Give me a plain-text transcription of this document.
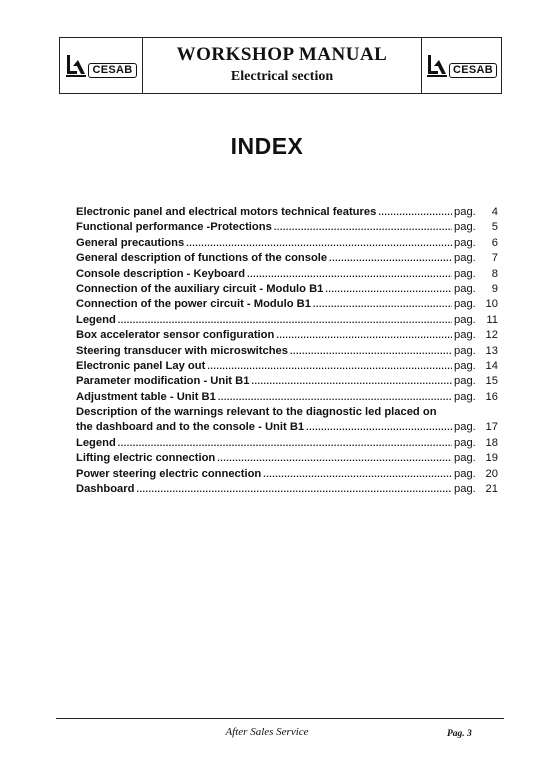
CESAB
WORKSHOP MANUAL
Electrical section	CESAB
INDEX
Electronic panel and electrical motors technical features .....	pag.	4
Functional performance -Protections .....	pag.	5
General precautions .....	pag.	6
General description of functions of the console .....	pag.	7
Console description - Keyboard .....	pag.	8
Connection of the auxiliary circuit - Modulo B1 .....	pag.	9
Connection of the power circuit - Modulo B1 .....	pag. 10
Legend .....	pag. 11
Box accelerator sensor configuration .....	pag. 12
Steering transducer with microswitches .....	pag. 13
Electronic panel Lay out .....	pag. 14
Parameter modification - Unit B1 .....	pag. 15
Adjustment table - Unit B1 .....	pag. 16
Description of the warnings relevant to the diagnostic led placed on
the dashboard and to the console - Unit B1 .....	pag. 17
Legend .....	pag. 18
Lifting electric connection .....	pag. 19
Power steering electric connection .....	pag. 20
Dashboard .....	pag. 21
After Sales Service	Pag. 3
